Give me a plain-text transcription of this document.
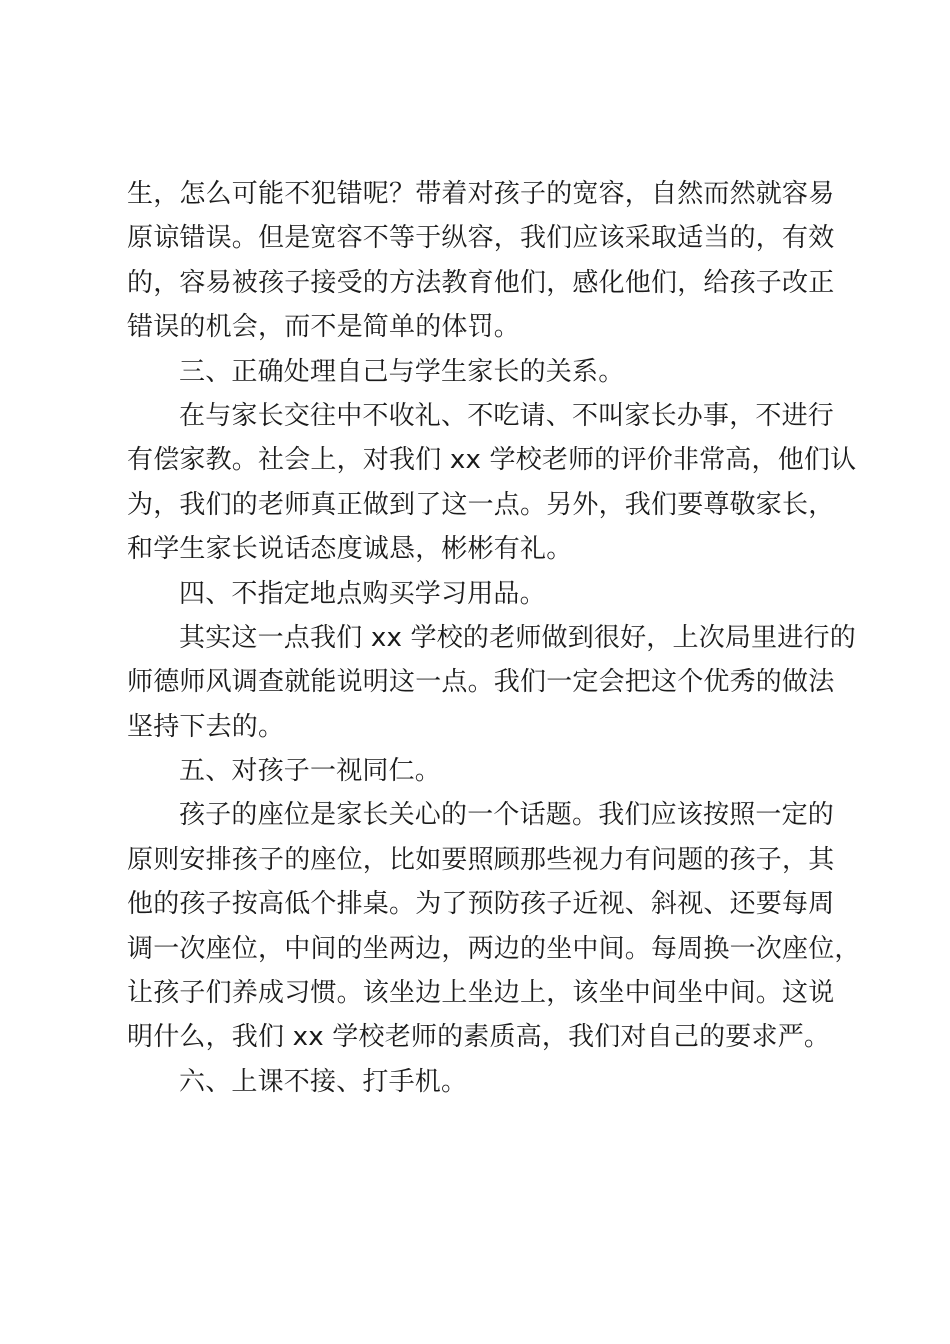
生，怎么可能不犯错呢？带着对孩子的宽容，自然而然就容易
原谅错误。但是宽容不等于纵容，我们应该采取适当的，有效
的，容易被孩子接受的方法教育他们，感化他们，给孩子改正
错误的机会，而不是简单的体罚。
三、正确处理自己与学生家长的关系。
在与家长交往中不收礼、不吃请、不叫家长办事，不进行
有偿家教。社会上，对我们 xx 学校老师的评价非常高，他们认
为，我们的老师真正做到了这一点。另外，我们要尊敬家长，
和学生家长说话态度诚恳，彬彬有礼。
四、不指定地点购买学习用品。
其实这一点我们 xx 学校的老师做到很好，上次局里进行的
师德师风调查就能说明这一点。我们一定会把这个优秀的做法
坚持下去的。
五、对孩子一视同仁。
孩子的座位是家长关心的一个话题。我们应该按照一定的
原则安排孩子的座位，比如要照顾那些视力有问题的孩子，其
他的孩子按高低个排桌。为了预防孩子近视、斜视、还要每周
调一次座位，中间的坐两边，两边的坐中间。每周换一次座位，
让孩子们养成习惯。该坐边上坐边上，该坐中间坐中间。这说
明什么，我们 xx 学校老师的素质高，我们对自己的要求严。
六、上课不接、打手机。
